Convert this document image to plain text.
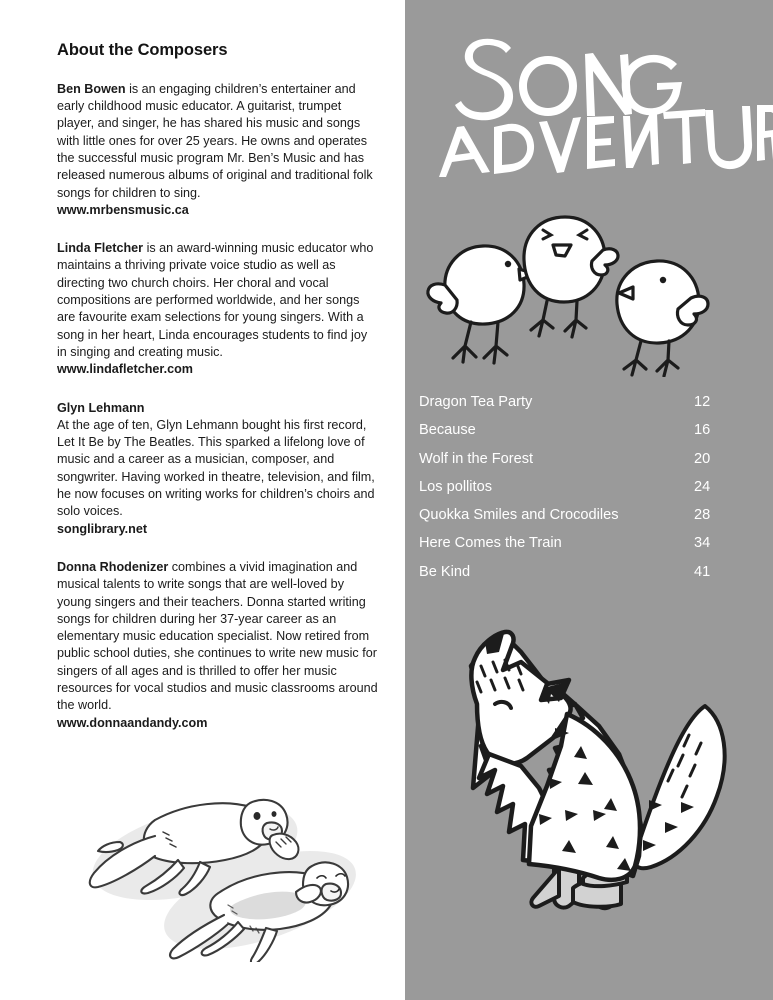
About the Composers

Ben Bowen is an engaging children’s entertainer and early childhood music educator. A guitarist, trumpet player, and singer, he has shared his music and songs with little ones for over 25 years. He owns and operates the successful music program Mr. Ben’s Music and has released numerous albums of original and traditional folk songs for children to sing.
www.mrbensmusic.ca

Linda Fletcher is an award-winning music educator who maintains a thriving private voice studio as well as directing two church choirs. Her choral and vocal compositions are performed worldwide, and her songs are favourite exam selections for young singers. With a song in her heart, Linda encourages students to find joy in singing and creating music.
www.lindafletcher.com

Glyn Lehmann
At the age of ten, Glyn Lehmann bought his first record, Let It Be by The Beatles. This sparked a lifelong love of music and a career as a musician, composer, and songwriter. Having worked in theatre, television, and film, he now focuses on writing works for children’s choirs and solo voices.
songlibrary.net

Donna Rhodenizer combines a vivid imagination and musical talents to write songs that are well-loved by young singers and their teachers. Donna started writing songs for children during her 37-year career as an elementary music education specialist. Now retired from public school duties, she continues to write new music for singers of all ages and is thrilled to offer her music resources for vocal studios and music classrooms around the world.
www.donnaandandy.com

Dragon Tea Party	12
Because	16
Wolf in the Forest	20
Los pollitos	24
Quokka Smiles and Crocodiles	28
Here Comes the Train	34
Be Kind	41
